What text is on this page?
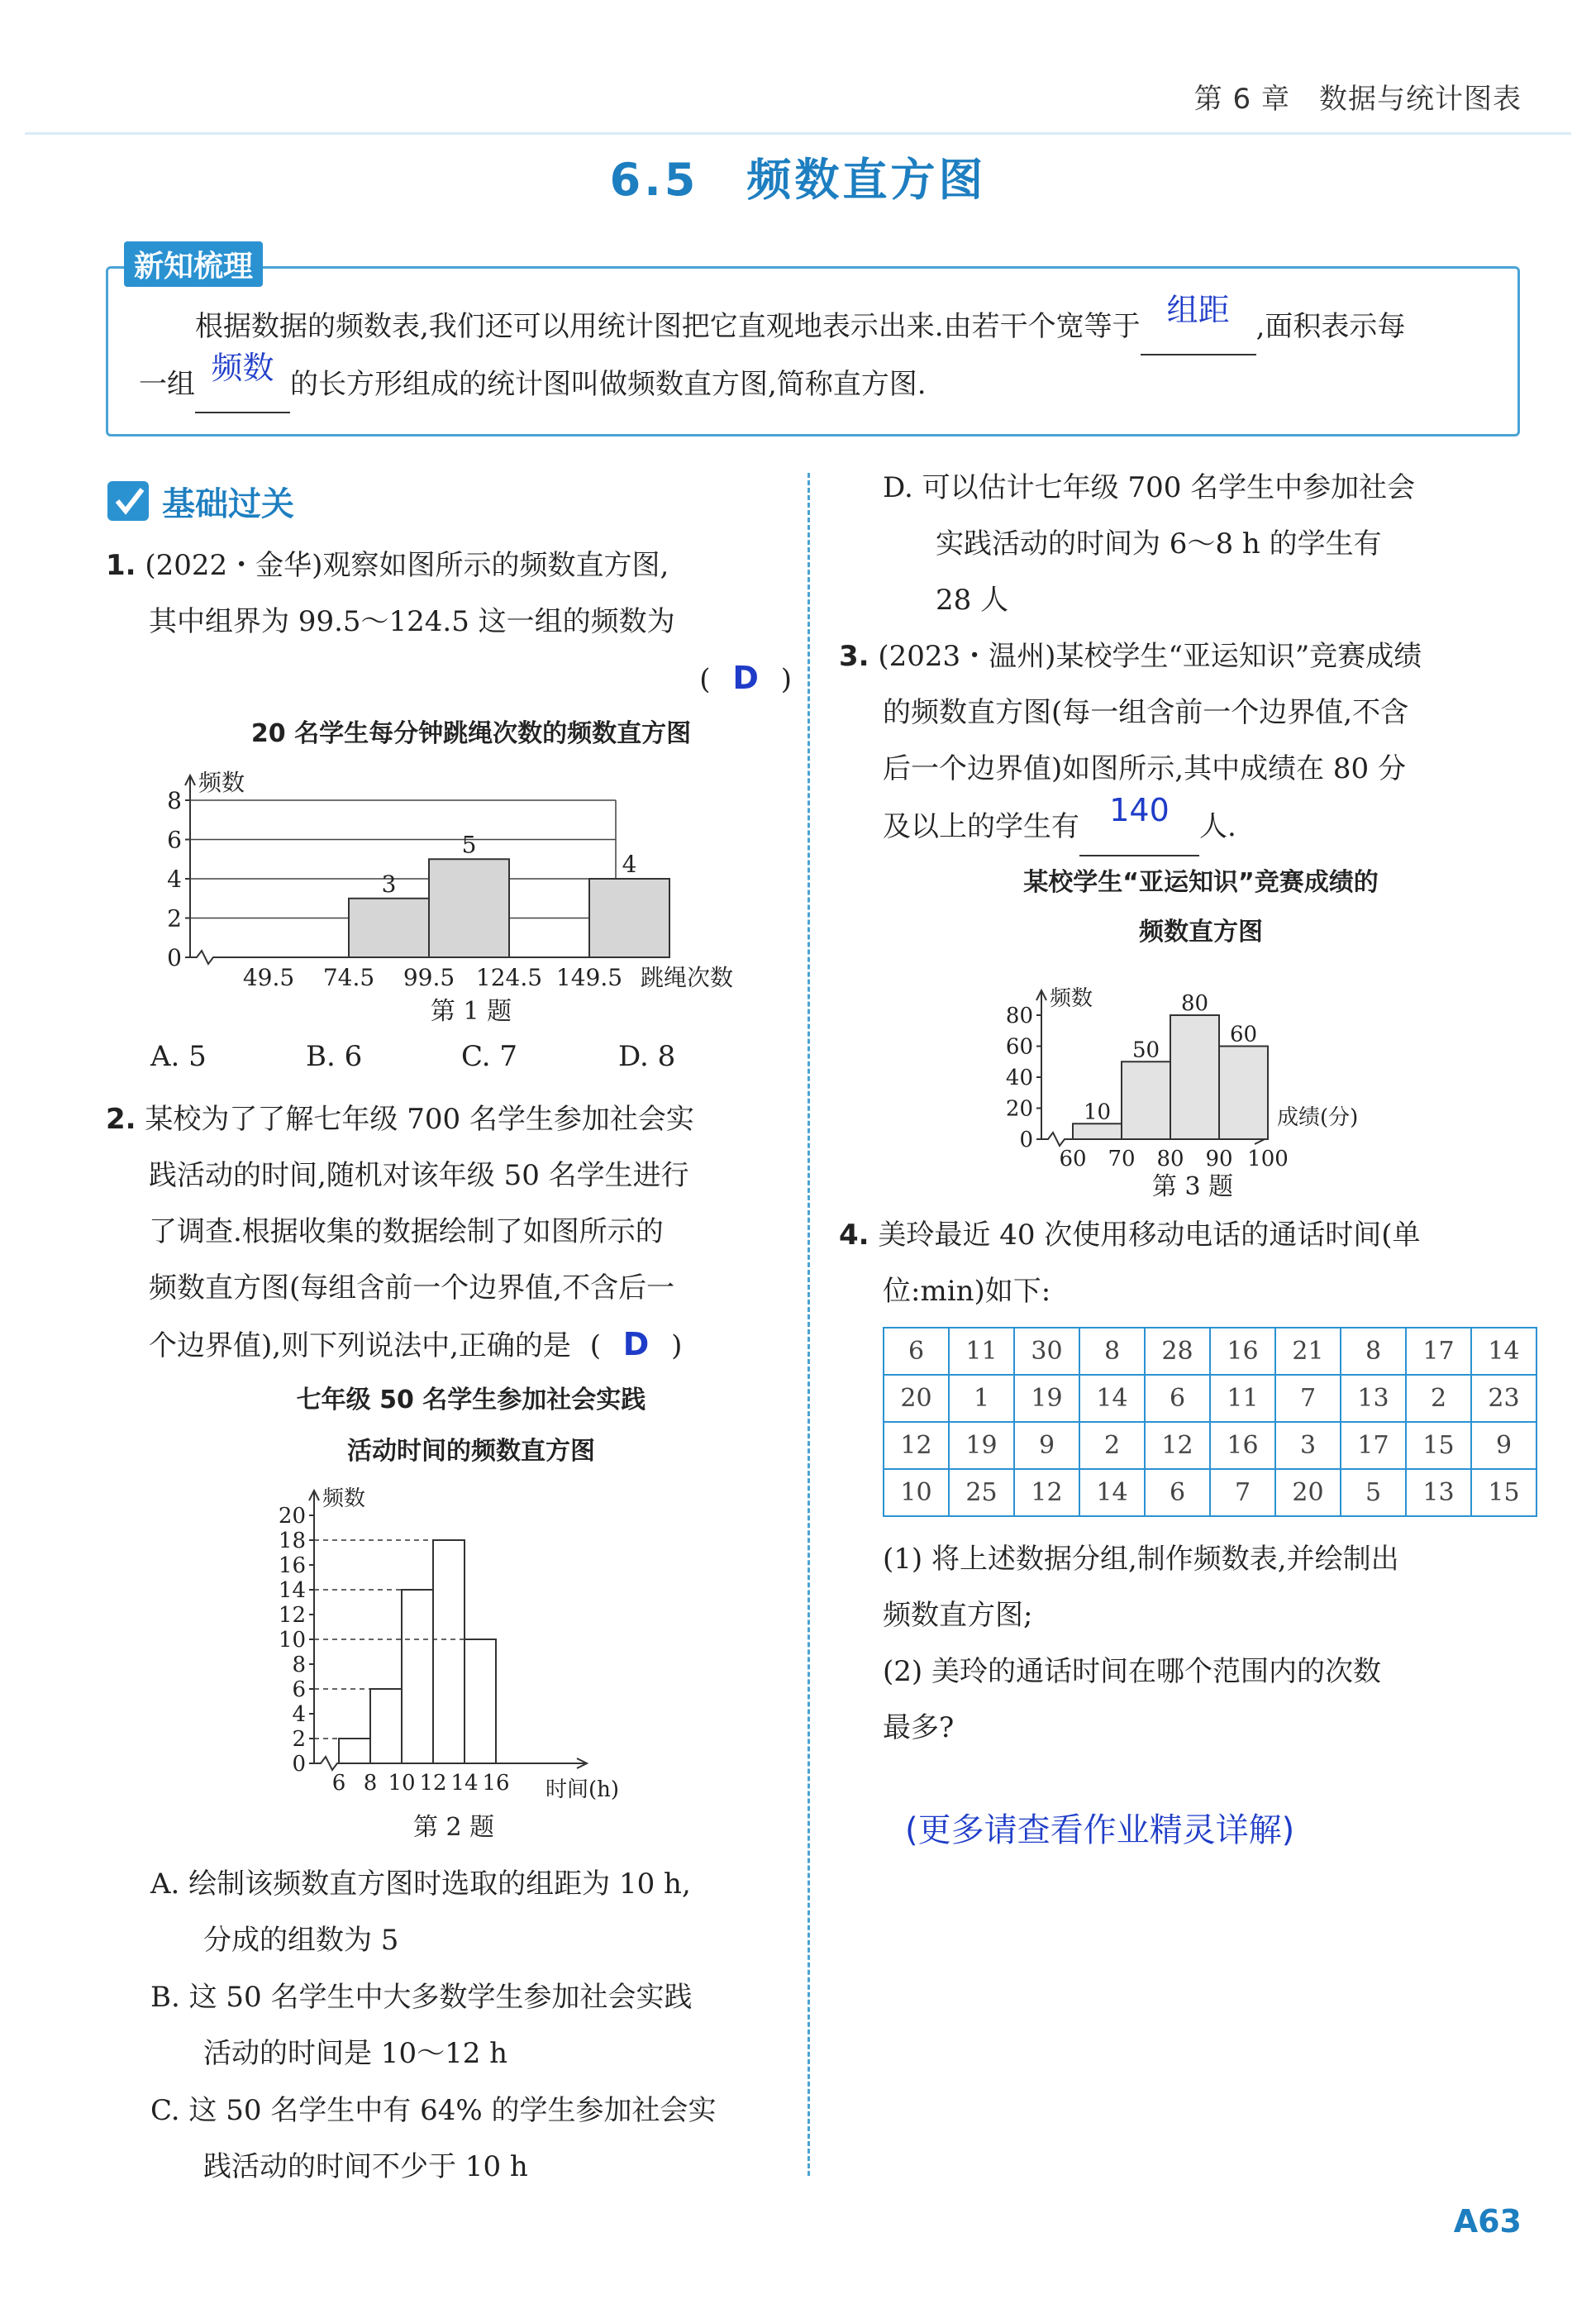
第 6 章　数据与统计图表
6.5　频数直方图
新知梳理
根据数据的频数表,我们还可以用统计图把它直观地表示出来.由若干个宽等于 组距 ,面积表示每
一组 频数 的长方形组成的统计图叫做频数直方图,简称直方图.
基础过关
1. (2022・金华)观察如图所示的频数直方图,
其中组界为 99.5～124.5 这一组的频数为

( D )
20 名学生每分钟跳绳次数的频数直方图
频数
0
2
4
6
8
49.5 74.5 99.5 124.5 149.5 跳绳次数
3
5
4
第 1 题
A. 5	B. 6	C. 7	D. 8
2. 某校为了了解七年级 700 名学生参加社会实
践活动的时间,随机对该年级 50 名学生进行
了调查.根据收集的数据绘制了如图所示的
频数直方图(每组含前一个边界值,不含后一
个边界值),则下列说法中,正确的是 ( D )
七年级 50 名学生参加社会实践
活动时间的频数直方图
频数
0
2
4
6
8
10
12
14
16
18
20
6 8 10 12 14 16 时间(h)
第 2 题
A. 绘制该频数直方图时选取的组距为 10 h,
分成的组数为 5
B. 这 50 名学生中大多数学生参加社会实践
活动的时间是 10～12 h
C. 这 50 名学生中有 64% 的学生参加社会实
践活动的时间不少于 10 h
D. 可以估计七年级 700 名学生中参加社会
实践活动的时间为 6～8 h 的学生有
28 人
3. (2023・温州)某校学生“亚运知识”竞赛成绩
的频数直方图(每一组含前一个边界值,不含
后一个边界值)如图所示,其中成绩在 80 分
及以上的学生有 140 人.
某校学生“亚运知识”竞赛成绩的
频数直方图
频数
0
20
40
60
80
60 70 80 90 100
成绩(分)
10
50
80
60
第 3 题
4. 美玲最近 40 次使用移动电话的通话时间(单
位:min)如下:
6	11	30	8	28	16	21	8	17	14
20	1	19	14	6	11	7	13	2	23
12	19	9	2	12	16	3	17	15	9
10	25	12	14	6	7	20	5	13	15
(1) 将上述数据分组,制作频数表,并绘制出
频数直方图;
(2) 美玲的通话时间在哪个范围内的次数
最多?
(更多请查看作业精灵详解)
A63
